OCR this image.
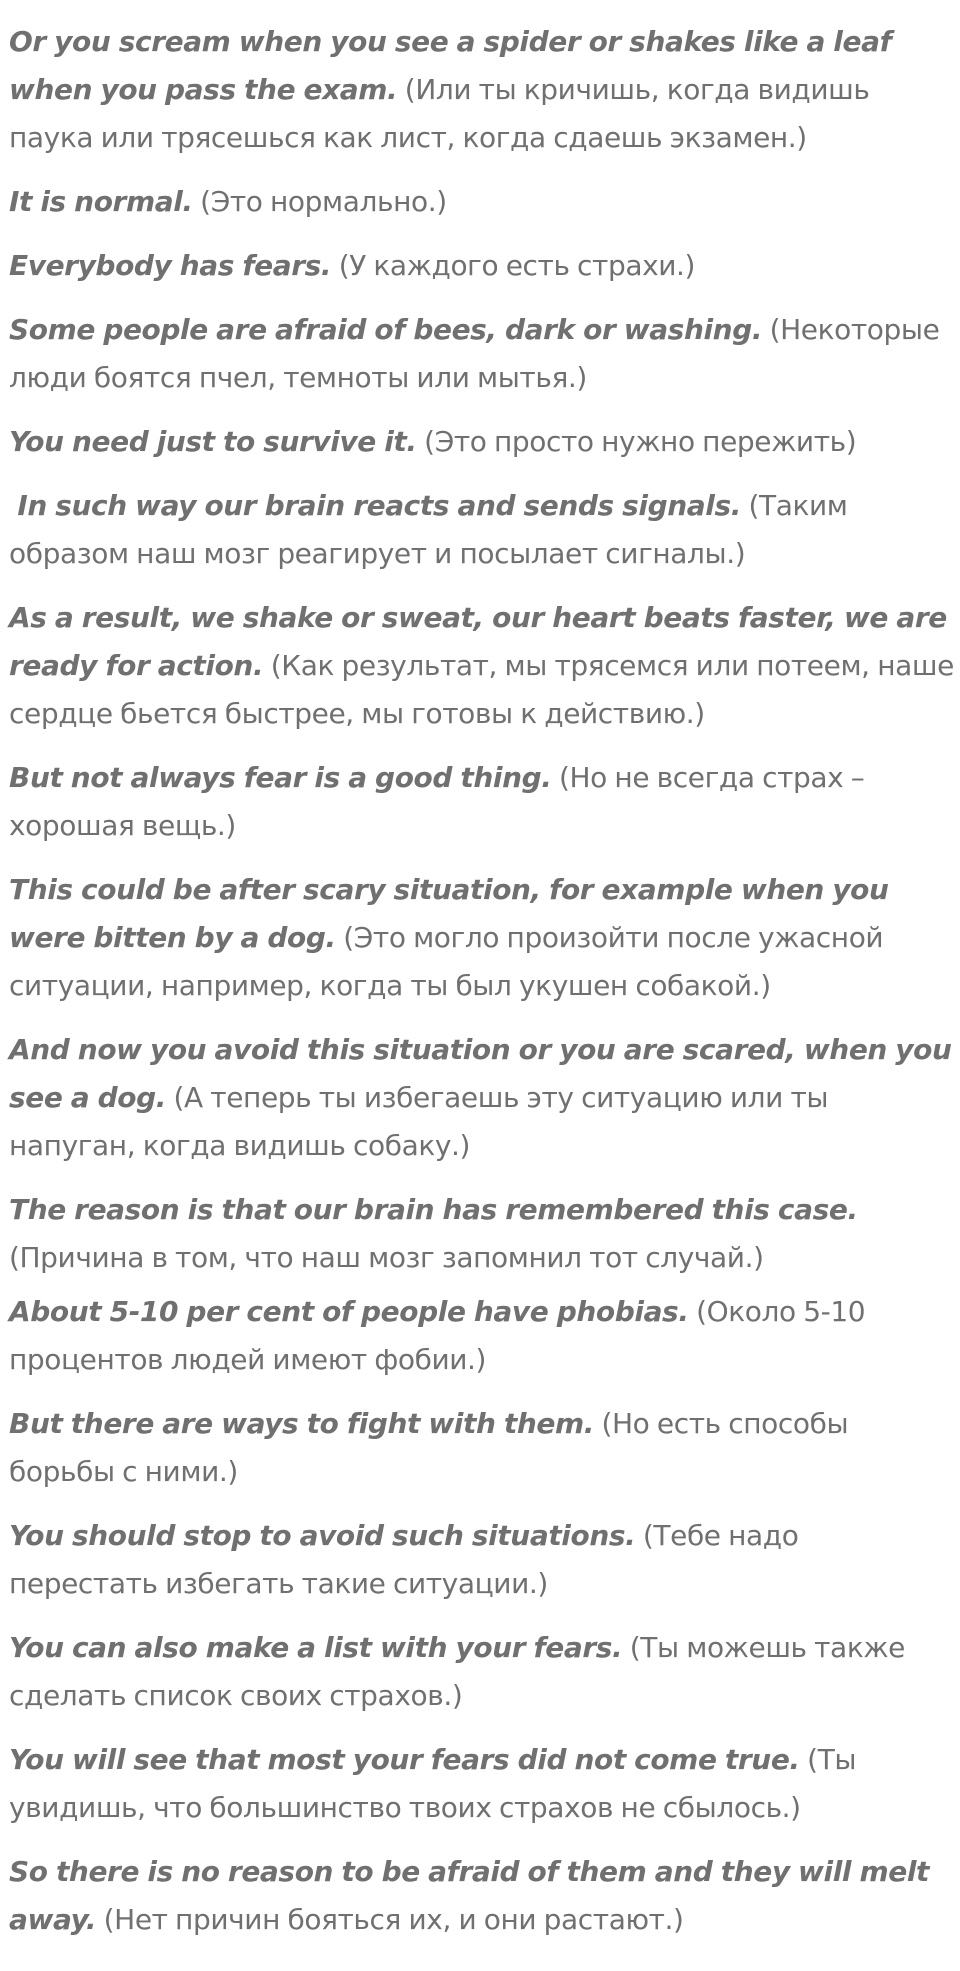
Or you scream when you see a spider or shakes like a leaf when you pass the exam. (Или ты кричишь, когда видишь паука или трясешься как лист, когда сдаешь экзамен.)

It is normal. (Это нормально.)

Everybody has fears. (У каждого есть страхи.)

Some people are afraid of bees, dark or washing. (Некоторые люди боятся пчел, темноты или мытья.)

You need just to survive it. (Это просто нужно пережить)

In such way our brain reacts and sends signals. (Таким образом наш мозг реагирует и посылает сигналы.)

As a result, we shake or sweat, our heart beats faster, we are ready for action. (Как результат, мы трясемся или потеем, наше сердце бьется быстрее, мы готовы к действию.)

But not always fear is a good thing. (Но не всегда страх – хорошая вещь.)

This could be after scary situation, for example when you were bitten by a dog. (Это могло произойти после ужасной ситуации, например, когда ты был укушен собакой.)

And now you avoid this situation or you are scared, when you see a dog. (А теперь ты избегаешь эту ситуацию или ты напуган, когда видишь собаку.)

The reason is that our brain has remembered this case. (Причина в том, что наш мозг запомнил тот случай.)

About 5-10 per cent of people have phobias. (Около 5-10 процентов людей имеют фобии.)

But there are ways to fight with them. (Но есть способы борьбы с ними.)

You should stop to avoid such situations. (Тебе надо перестать избегать такие ситуации.)

You can also make a list with your fears. (Ты можешь также сделать список своих страхов.)

You will see that most your fears did not come true. (Ты увидишь, что большинство твоих страхов не сбылось.)

So there is no reason to be afraid of them and they will melt away. (Нет причин бояться их, и они растают.)
